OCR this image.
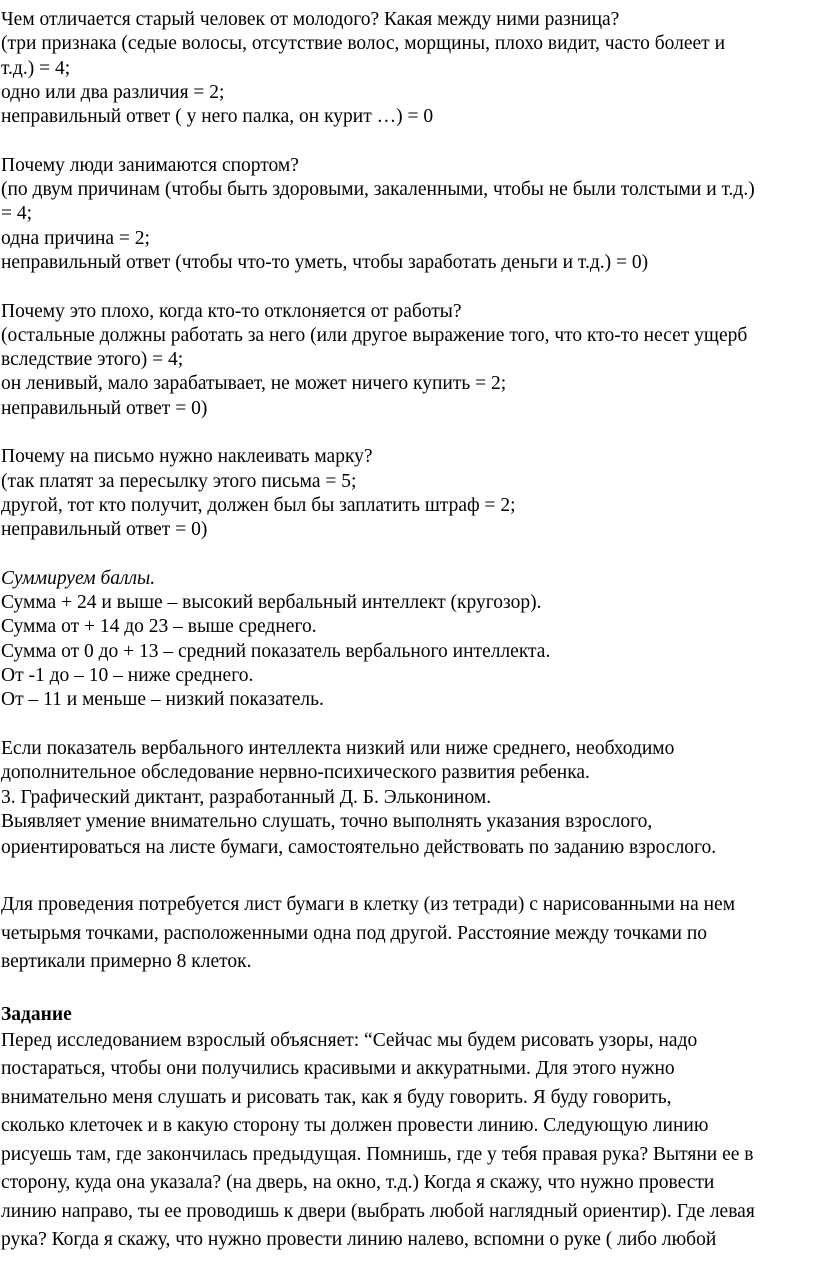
Чем отличается старый человек от молодого? Какая между ними разница?
(три признака (седые волосы, отсутствие волос, морщины, плохо видит, часто болеет и
т.д.) = 4;
одно или два различия = 2;
неправильный ответ ( у него палка, он курит …) = 0
Почему люди занимаются спортом?
(по двум причинам (чтобы быть здоровыми, закаленными, чтобы не были толстыми и т.д.)
= 4;
одна причина = 2;
неправильный ответ (чтобы что-то уметь, чтобы заработать деньги и т.д.) = 0)
Почему это плохо, когда кто-то отклоняется от работы?
(остальные должны работать за него (или другое выражение того, что кто-то несет ущерб
вследствие этого) = 4;
он ленивый, мало зарабатывает, не может ничего купить = 2;
неправильный ответ = 0)
Почему на письмо нужно наклеивать марку?
(так платят за пересылку этого письма = 5;
другой, тот кто получит, должен был бы заплатить штраф = 2;
неправильный ответ = 0)
Суммируем баллы.
Сумма + 24 и выше – высокий вербальный интеллект (кругозор).
Сумма от + 14 до 23 – выше среднего.
Сумма от 0 до + 13 – средний показатель вербального интеллекта.
От -1 до – 10 – ниже среднего.
От – 11 и меньше – низкий показатель.
Если показатель вербального интеллекта низкий или ниже среднего, необходимо
дополнительное обследование нервно-психического развития ребенка.
3. Графический диктант, разработанный Д. Б. Эльконином.
Выявляет умение внимательно слушать, точно выполнять указания взрослого,
ориентироваться на листе бумаги, самостоятельно действовать по заданию взрослого.
Для проведения потребуется лист бумаги в клетку (из тетради) с нарисованными на нем
четырьмя точками, расположенными одна под другой. Расстояние между точками по
вертикали примерно 8 клеток.
Задание
Перед исследованием взрослый объясняет: “Сейчас мы будем рисовать узоры, надо
постараться, чтобы они получились красивыми и аккуратными. Для этого нужно
внимательно меня слушать и рисовать так, как я буду говорить. Я буду говорить,
сколько клеточек и в какую сторону ты должен провести линию. Следующую линию
рисуешь там, где закончилась предыдущая. Помнишь, где у тебя правая рука? Вытяни ее в
сторону, куда она указала? (на дверь, на окно, т.д.) Когда я скажу, что нужно провести
линию направо, ты ее проводишь к двери (выбрать любой наглядный ориентир). Где левая
рука? Когда я скажу, что нужно провести линию налево, вспомни о руке ( либо любой
